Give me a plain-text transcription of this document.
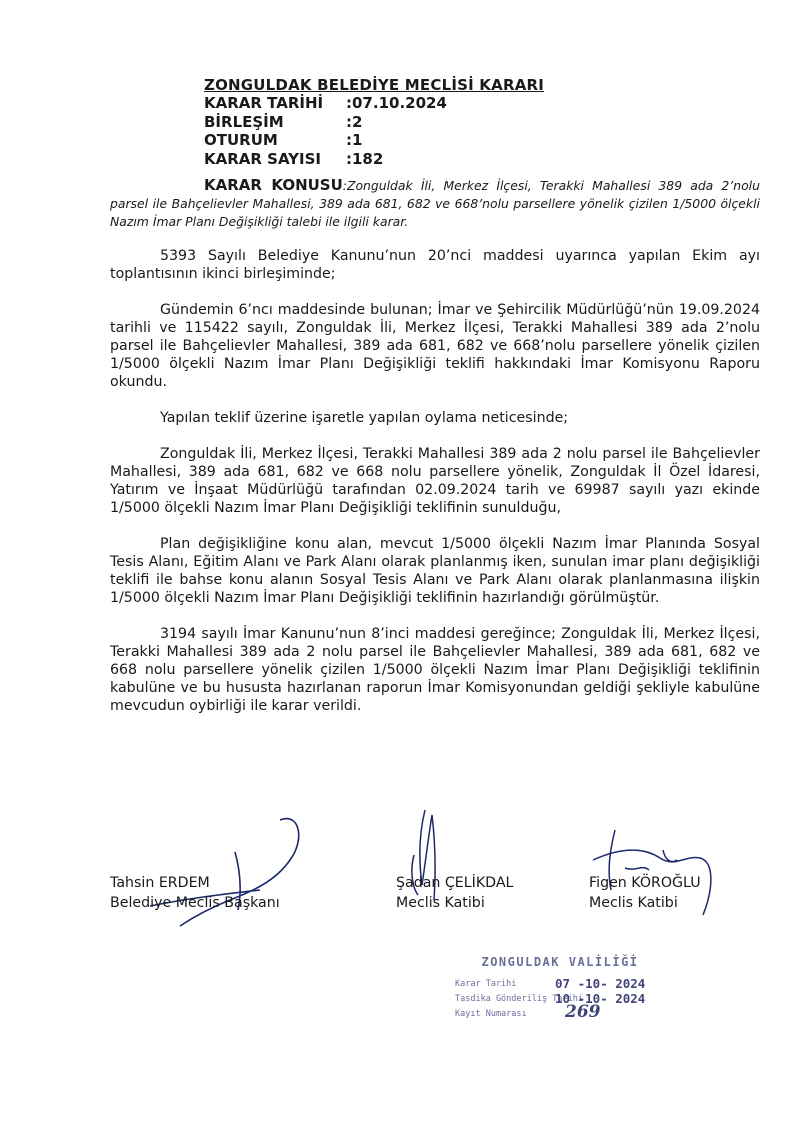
ZONGULDAK BELEDİYE MECLİSİ KARARI
KARAR TARİHİ :07.10.2024
BİRLEŞİM	:2
OTURUM	:1
KARAR SAYISI :182
KARAR KONUSU:Zonguldak İli, Merkez İlçesi, Terakki Mahallesi 389 ada 2’nolu parsel ile Bahçelievler Mahallesi, 389 ada 681, 682 ve 668’nolu parsellere yönelik çizilen 1/5000 ölçekli Nazım İmar Planı Değişikliği talebi ile ilgili karar.

5393 Sayılı Belediye Kanunu’nun 20’nci maddesi uyarınca yapılan Ekim ayı toplantısının ikinci birleşiminde;

Gündemin 6’ncı maddesinde bulunan; İmar ve Şehircilik Müdürlüğü’nün 19.09.2024 tarihli ve 115422 sayılı, Zonguldak İli, Merkez İlçesi, Terakki Mahallesi 389 ada 2’nolu parsel ile Bahçelievler Mahallesi, 389 ada 681, 682 ve 668’nolu parsellere yönelik çizilen 1/5000 ölçekli Nazım İmar Planı Değişikliği teklifi hakkındaki İmar Komisyonu Raporu okundu.

Yapılan teklif üzerine işaretle yapılan oylama neticesinde;

Zonguldak İli, Merkez İlçesi, Terakki Mahallesi 389 ada 2 nolu parsel ile Bahçelievler Mahallesi, 389 ada 681, 682 ve 668 nolu parsellere yönelik, Zonguldak İl Özel İdaresi, Yatırım ve İnşaat Müdürlüğü tarafından 02.09.2024 tarih ve 69987 sayılı yazı ekinde 1/5000 ölçekli Nazım İmar Planı Değişikliği teklifinin sunulduğu,

Plan değişikliğine konu alan, mevcut 1/5000 ölçekli Nazım İmar Planında Sosyal Tesis Alanı, Eğitim Alanı ve Park Alanı olarak planlanmış iken, sunulan imar planı değişikliği teklifi ile bahse konu alanın Sosyal Tesis Alanı ve Park Alanı olarak planlanmasına ilişkin 1/5000 ölçekli Nazım İmar Planı Değişikliği teklifinin hazırlandığı görülmüştür.

3194 sayılı İmar Kanunu’nun 8’inci maddesi gereğince; Zonguldak İli, Merkez İlçesi, Terakki Mahallesi 389 ada 2 nolu parsel ile Bahçelievler Mahallesi, 389 ada 681, 682 ve 668 nolu parsellere yönelik çizilen 1/5000 ölçekli Nazım İmar Planı Değişikliği teklifinin kabulüne ve bu hususta hazırlanan raporun İmar Komisyonundan geldiği şekliyle kabulüne mevcudun oybirliği ile karar verildi.

Tahsin ERDEM
Belediye Meclis Başkanı
Şadan ÇELİKDAL
Meclis Katibi
Figen KÖROĞLU
Meclis Katibi
ZONGULDAK VALİLİĞİ
Karar Tarihi	07 -10- 2024
Tasdika Gönderiliş Tarihi
10 -10- 2024
Kayıt Numarası 269
